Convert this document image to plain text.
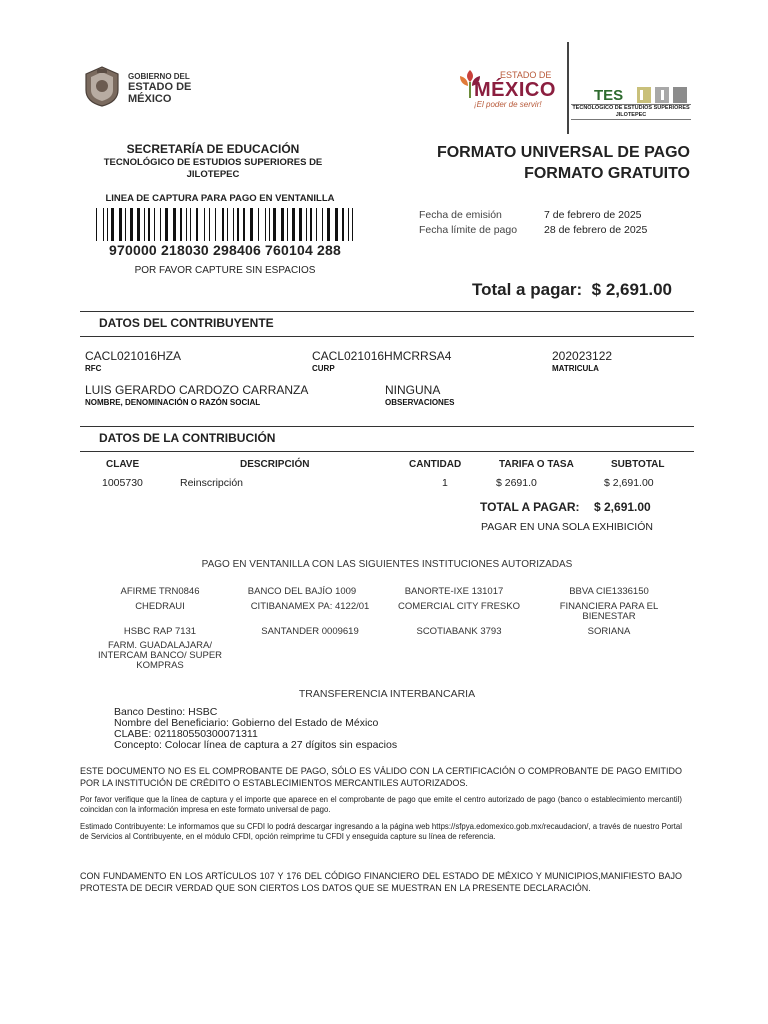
GOBIERNO DEL
ESTADO DE
MÉXICO
ESTADO DE
MÉXICO
¡El poder de servir!
TES
TECNOLÓGICO DE ESTUDIOS SUPERIORES
JILOTEPEC
SECRETARÍA DE EDUCACIÓN
TECNOLÓGICO DE ESTUDIOS SUPERIORES DE JILOTEPEC
LINEA DE CAPTURA PARA PAGO EN VENTANILLA
970000 218030 298406 760104 288
POR FAVOR CAPTURE SIN ESPACIOS
FORMATO UNIVERSAL DE PAGO
FORMATO GRATUITO
Fecha de emisión	7 de febrero de 2025
Fecha límite de pago	28 de febrero de 2025
Total a pagar: $ 2,691.00
DATOS DEL CONTRIBUYENTE
CACL021016HZA
RFC
CACL021016HMCRRSA4
CURP
202023122
MATRICULA
LUIS GERARDO CARDOZO CARRANZA
NOMBRE, DENOMINACIÓN O RAZÓN SOCIAL
NINGUNA
OBSERVACIONES
DATOS DE LA CONTRIBUCIÓN
CLAVE	DESCRIPCIÓN	CANTIDAD	TARIFA O TASA	SUBTOTAL
1005730	Reinscripción	1	$ 2691.0	$ 2,691.00
TOTAL A PAGAR: $ 2,691.00
PAGAR EN UNA SOLA EXHIBICIÓN
PAGO EN VENTANILLA CON LAS SIGUIENTES INSTITUCIONES AUTORIZADAS
AFIRME TRN0846	BANCO DEL BAJÍO 1009	BANORTE-IXE 131017	BBVA CIE1336150
CHEDRAUI	CITIBANAMEX PA: 4122/01	COMERCIAL CITY FRESKO	FINANCIERA PARA EL BIENESTAR
HSBC RAP 7131	SANTANDER 0009619	SCOTIABANK 3793	SORIANA
FARM. GUADALAJARA/ INTERCAM BANCO/ SUPER KOMPRAS
TRANSFERENCIA INTERBANCARIA
Banco Destino: HSBC
Nombre del Beneficiario: Gobierno del Estado de México
CLABE: 021180550300071311
Concepto: Colocar línea de captura a 27 dígitos sin espacios
ESTE DOCUMENTO NO ES EL COMPROBANTE DE PAGO, SÓLO ES VÁLIDO CON LA CERTIFICACIÓN O COMPROBANTE DE PAGO EMITIDO POR LA INSTITUCIÓN DE CRÉDITO O ESTABLECIMIENTOS MERCANTILES AUTORIZADOS.
Por favor verifique que la línea de captura y el importe que aparece en el comprobante de pago que emite el centro autorizado de pago (banco o establecimiento mercantil) coincidan con la información impresa en este formato universal de pago.
Estimado Contribuyente: Le informamos que su CFDI lo podrá descargar ingresando a la página web https://sfpya.edomexico.gob.mx/recaudacion/, a través de nuestro Portal de Servicios al Contribuyente, en el módulo CFDI, opción reimprime tu CFDI y enseguida capture su línea de referencia.
CON FUNDAMENTO EN LOS ARTÍCULOS 107 Y 176 DEL CÓDIGO FINANCIERO DEL ESTADO DE MÉXICO Y MUNICIPIOS,MANIFIESTO BAJO PROTESTA DE DECIR VERDAD QUE SON CIERTOS LOS DATOS QUE SE MUESTRAN EN LA PRESENTE DECLARACIÓN.
